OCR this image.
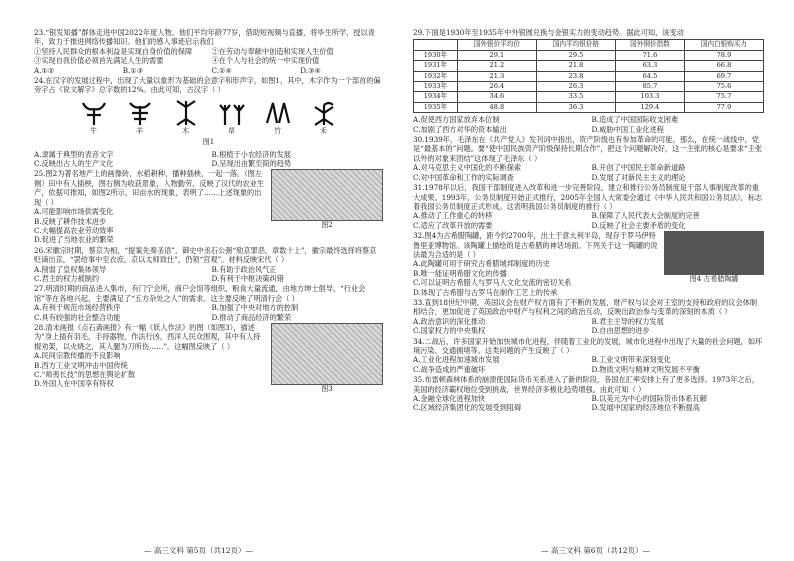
23.“银发知播”群体走进中国2022年度人物。他们平均年龄77岁，借助短视频与直播，将毕生所学，授以青年，致力于推进网络传播知识。他们的感人事迹启示我们
①坚持人民群众的根本利益是实现自身价值的保障	②在劳动与奉献中创造和实现人生价值
③实现自我价值必须首先满足人生的需要	④在个人与社会的统一中实现价值
A.①②	B.①③	C.②④	D.③④
24.在汉字的发展过程中，出现了大量以象形为基础的会意字和形声字，如图1，其中，木字作为一个部首的偏旁字占《说文解字》总字数的12%。由此可知，古汉字（ ）
牛	羊	木	草	竹	禾
图1
A.隶属于典型的表音文字	B.根植于小农经济的发展
C.反映出古人的生产文化	D.呈现出由繁至简的趋势
图2
25.图2为著名地产上的画像砖，水稻耕种，播种插秧，一起一落，（图左侧）田中有人插秧，图右侧为收获景象，人物勤劳，反映了汉代的农业生产，依据可推知，如图2所示，田亩水的现象，表明了……上述现象的出现（ ）
A.可能影响市场供需变化
B.反映了耕作技术进步
C.大幅提高农业劳动效率
D.促进了当地农业的繁荣
26.宋徽宗时期，蔡京为相，“提案先奏圣语”，御史中丞石公弼“劾京罪恶，章数十上”，徽宗最终选择将蔡京贬谪出京，“罢给事中至衣庶，京以太师致仕”，仍领“宫观”。材料反映宋代（ ）
A.削弱了皇权集体领导	B.有助于政治风气正
C.君主的权力被制约	D.有利于中枢决策纠错
27.明清时期的商品进入集市，有门宁会所，商户会馆等组织，粮食大量流通，由地方绅士倡导，“行业会馆”等在各地兴起，主要满足了“五方杂处之人”的需求。这主要反映了明清行会（ ）
A.有利于规范市场经营秩序	B.加强了中央对地方的控制
C.具有较强的社会整合功能	D.推动了商品经济的繁荣
图3
28.清末画报《点石斋画报》有一幅《妖人作法》的图（如图3），描述为“身上插有羽毛，手持器物，作法行凶，西洋人民众围观，其中有人持棍劝架，以火烧之，其人腿为刀所伤……”。这幅图反映了（ ）
A.民间宗教传播的不良影响
B.西方工业文明冲击中国传统
C.“师夷长技”的思想在舆论扩散
D.外国人在中国享有特权
— 高三文科 第5页（共12页）—
29.下面是1930年至1935年中外银圆兑换与金银实力的变动趋势。据此可知，该变动
	国外银价平均价	国内平均银价格	国外铜价指数	国内白银购买力
1930年	29.1	29.5	71.6	78.9
1931年	21.2	21.8	63.3	66.8
1932年	21.3	23.8	64.5	69.7
1933年	26.4	26.3	85.7	75.6
1934年	34.6	33.5	103.3	75.7
1935年	48.8	36.3	129.4	77.9
A.促使西方国家放弃本位制	B.造成了中国国际收支困难
C.加剧了西方对华的资本输出	D.威胁中国工业化进程
30.1939年，毛泽东在《共产党人》发刊词中指出，资产阶级也有参加革命的可能，那么，在统一战线中，党是“最基本的”问题。要“使中国民族资产阶级保持长期合作”，把这个问题解决好，这一主张的核心是要求“主张以外的对象来团结”这体现了毛泽东（ ）
A.对马克思主义中国化的不断探索	B.开创了中国民主革命新道路
C.对中国革命和工作的实际调查	D.发展了对新民主主义的理论
31.1978年以后，我国干部制度进入改革和进一步完善阶段，建立和推行公务员制度是干部人事制度改革的重大成果。1993年，公务员制度开始正式推行，2005年全国人大常委会通过《中华人民共和国公务员法》，标志着我国公务员制度正式形成。这表明我国公务员制度的推行（ ）
A.推动了工作重心的转移	B.保障了人民代表大会制度的完善
C.适应了改革开放的需要	D.反映了社会主要矛盾的变化
图4 古希腊陶罐
32.图4为古希腊陶罐，距今约2700年，出土于意大利半岛，现存于罗马伊特鲁里亚博物馆。该陶罐上描绘的是古希腊的神话场面。下列关于这一陶罐的说法最为合适的是（ ）
A.此陶罐可用于研究古希腊城邦制度的历史
B.唯一能证明希腊文化的传播
C.可以证明古希腊人与罗马人文化交流的密切关系
D.体现了古希腊与古罗马在制作工艺上的传承
33.直到18世纪中期，英国议会在财产权方面有了不断的发展，财产权与议会对王室的支持和政府的议会体制相结合，更加促进了英国政治中财产与权利之间的政治互动，反映出政治参与变革的深刻的本质（ ）
A.政治意识的深化推动	B.君主主导的权力发展
C.国家权力的中央集权	D.自由思想的进步
34.二战后，许多国家开始加快城市化进程，伴随着工业化的发展，城市化进程中出现了大量的社会问题，如环境污染、交通拥堵等。这类问题的产生反映了（ ）
A.工业化进程加速城市发展	B.工业文明带来深刻变化
C.战争造成的严重破坏	D.物质文明与精神文明发展不平衡
35.布雷顿森林体系的崩溃使国际货币关系进入了新的阶段，各国在汇率安排上有了更多选择。1973年之后，美国的经济霸权地位受到挑战，世界经济多极化趋势增强。由此可知（ ）
A.金融全球化进程加快	B.以美元为中心的国际货币体系瓦解
C.区域经济集团化的发展受到阻碍	D.发展中国家的经济地位不断提高
— 高三文科 第6页（共12页）—
